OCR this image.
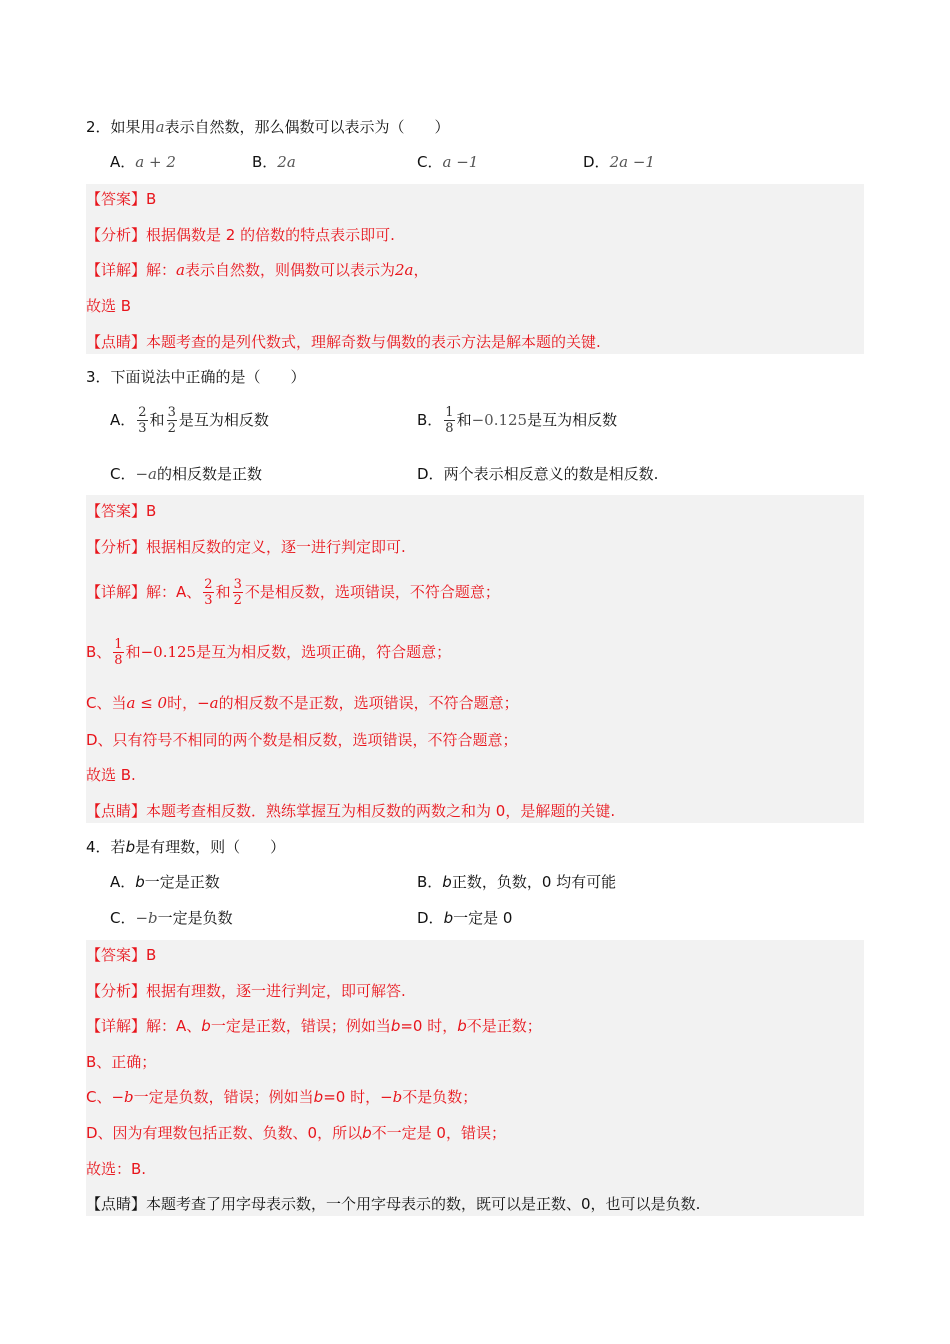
2．如果用a表示自然数，那么偶数可以表示为（　　）
A．a + 2	B．2a	C．a −1	D．2a −1
【答案】B
【分析】根据偶数是 2 的倍数的特点表示即可.
【详解】解：a表示自然数，则偶数可以表示为2a，
故选 B
【点睛】本题考查的是列代数式，理解奇数与偶数的表示方法是解本题的关键.
3．下面说法中正确的是（　　）
A． $\frac{2}{3}$ 和 $\frac{3}{2}$ 是互为相反数	B． $\frac{1}{8}$ 和−0.125是互为相反数
C．−a的相反数是正数	D．两个表示相反意义的数是相反数.
【答案】B
【分析】根据相反数的定义，逐一进行判定即可.
【详解】解：A、 $\frac{2}{3}$ 和 $\frac{3}{2}$ 不是相反数，选项错误，不符合题意；
B、 $\frac{1}{8}$ 和−0.125是互为相反数，选项正确，符合题意；
C、当a ≤ 0时，−a的相反数不是正数，选项错误，不符合题意；
D、只有符号不相同的两个数是相反数，选项错误，不符合题意；
故选 B.
【点睛】本题考查相反数．熟练掌握互为相反数的两数之和为 0，是解题的关键.
4．若b是有理数，则（　　）
A．b一定是正数	B．b正数，负数，0 均有可能
C．−b一定是负数	D．b一定是 0
【答案】B
【分析】根据有理数，逐一进行判定，即可解答.
【详解】解：A、b一定是正数，错误；例如当b=0 时，b不是正数；
B、正确；
C、−b一定是负数，错误；例如当b=0 时，−b不是负数；
D、因为有理数包括正数、负数、0，所以b不一定是 0，错误；
故选：B.
【点睛】本题考查了用字母表示数，一个用字母表示的数，既可以是正数、0，也可以是负数.
